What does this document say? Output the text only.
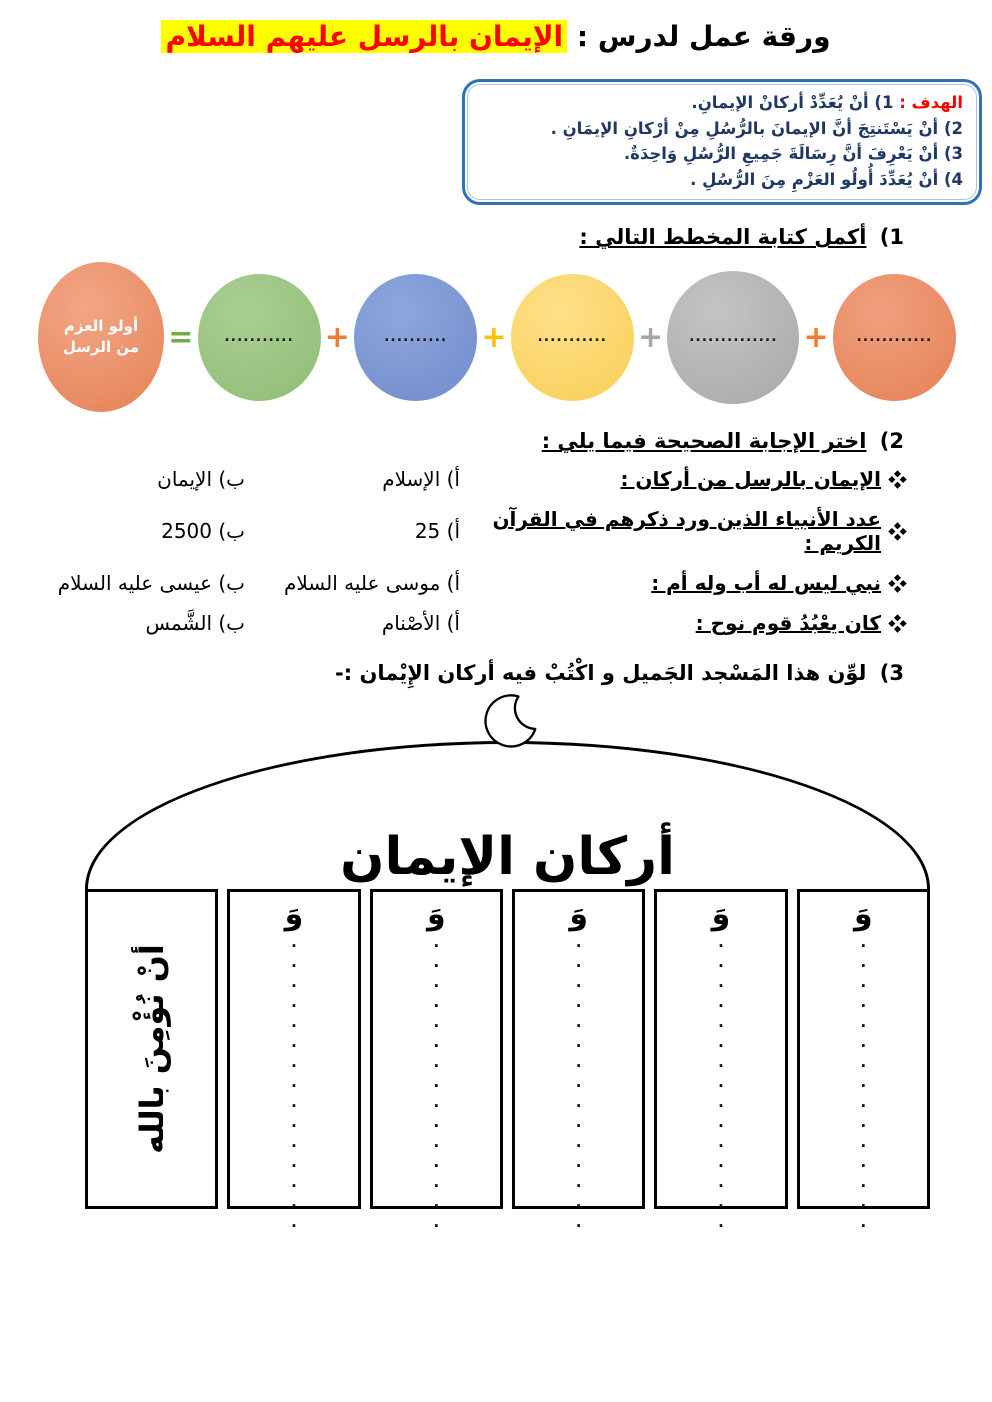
ورقة عمل لدرس : الإيمان بالرسل عليهم السلام
الهدف : 1) أنْ يُعَدِّدْ أركانْ الإيمانِ.
2) أنْ يَسْتَنتِجَ أنَّ الإيمانَ بالرُّسُلِ مِنْ أرْكانِ الإيمَانِ .
3) أنْ يَعْرِفَ أنَّ رِسَالَةَ جَمِيعِ الرُّسُلِ وَاحِدَةٌ.
4) أنْ يُعَدِّدَ أُولُو العَزْمِ مِنَ الرُّسُلِ .
1) أكمل كتابة المخطط التالي :
أولو العزم
من الرسل = ........... + .......... + ........... + .............. + ............
2) اختر الإجابة الصحيحة فيما يلي :
الإيمان بالرسل من أركان :
أ) الإسلام
ب) الإيمان
عدد الأنبياء الذين ورد ذكرهم في القرآن الكريم :
أ) 25
ب) 2500
نبي ليس له أب وله أم :
أ) موسى عليه السلام
ب) عيسى عليه السلام
كان يعْبُدُ قوم نوح :
أ) الأصْنام
ب) الشَّمس
3) لوِّن هذا المَسْجد الجَميل و اكْتُبْ فيه أركان الإِيْمان :-
أركان الإيمان
أنْ نُؤْمِنَ بالله
وَ
...............
وَ
...............
وَ
...............
وَ
...............
وَ
...............
